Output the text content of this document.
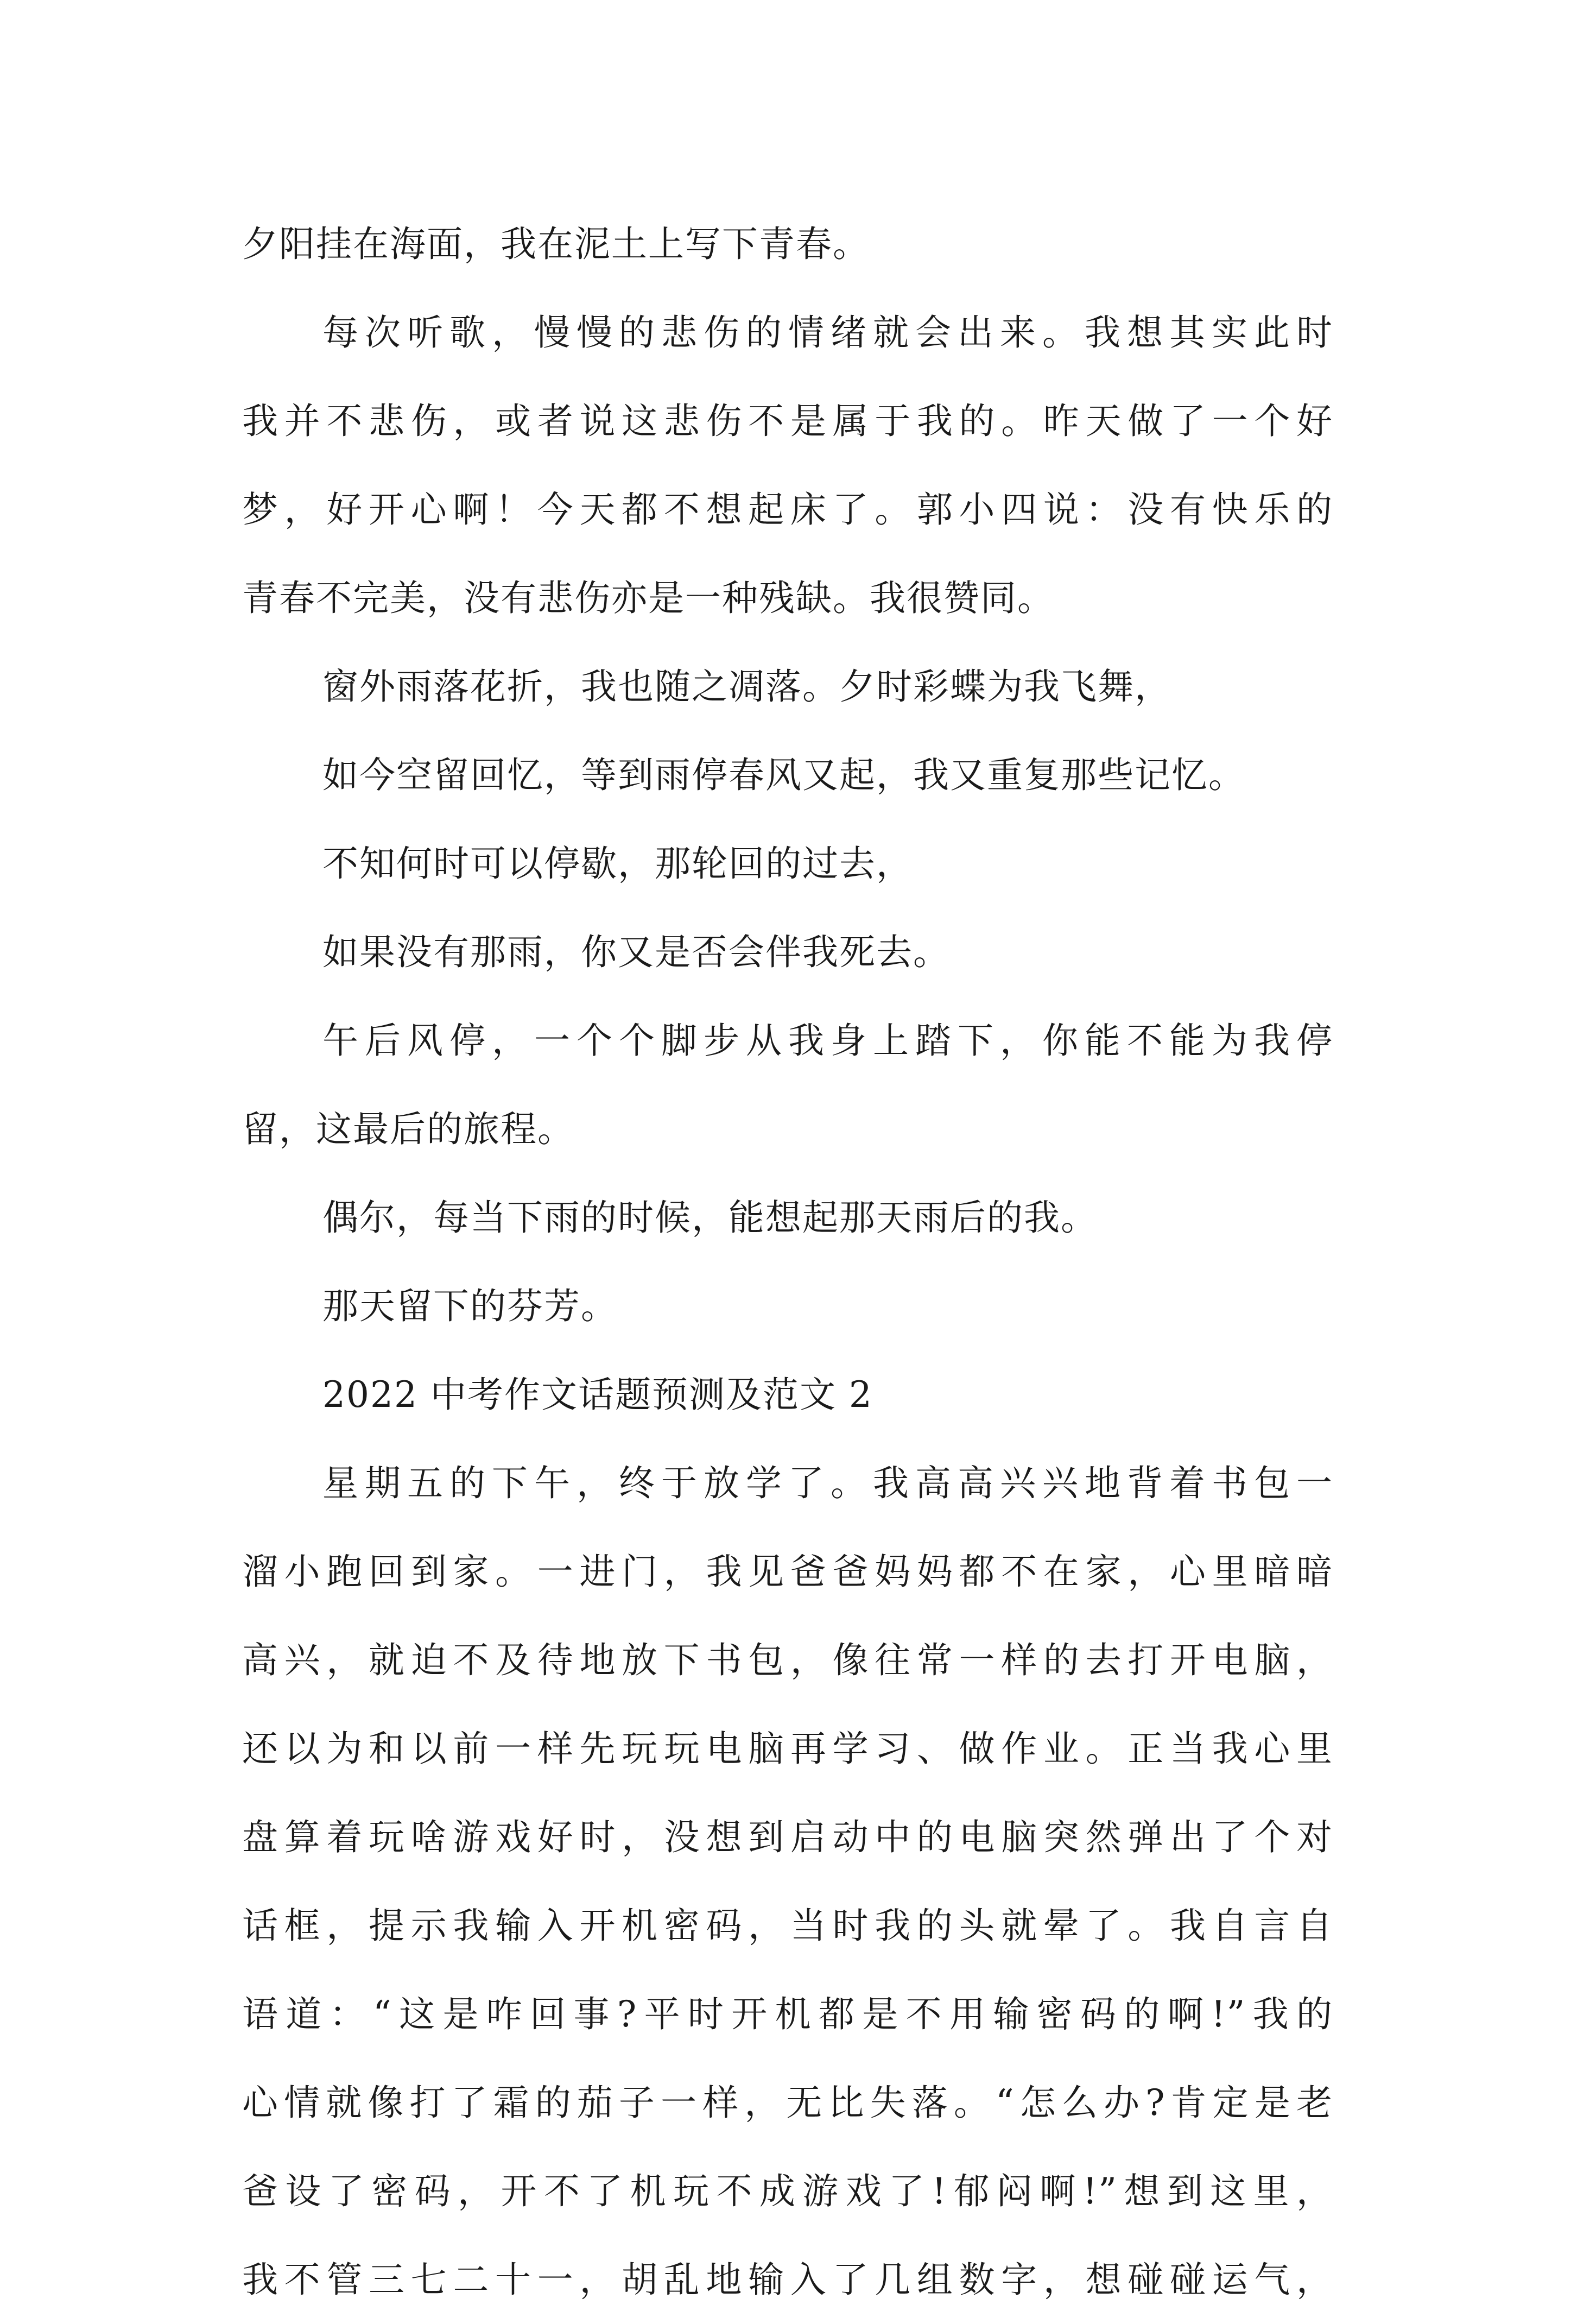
夕阳挂在海面，我在泥土上写下青春。
每次听歌，慢慢的悲伤的情绪就会出来。我想其实此时
我并不悲伤，或者说这悲伤不是属于我的。昨天做了一个好
梦，好开心啊！今天都不想起床了。郭小四说：没有快乐的
青春不完美，没有悲伤亦是一种残缺。我很赞同。
窗外雨落花折，我也随之凋落。夕时彩蝶为我飞舞，
如今空留回忆，等到雨停春风又起，我又重复那些记忆。
不知何时可以停歇，那轮回的过去，
如果没有那雨，你又是否会伴我死去。
午后风停，一个个脚步从我身上踏下，你能不能为我停
留，这最后的旅程。
偶尔，每当下雨的时候，能想起那天雨后的我。
那天留下的芬芳。
2022 中考作文话题预测及范文 2
星期五的下午，终于放学了。我高高兴兴地背着书包一
溜小跑回到家。一进门，我见爸爸妈妈都不在家，心里暗暗
高兴，就迫不及待地放下书包，像往常一样的去打开电脑，
还以为和以前一样先玩玩电脑再学习、做作业。正当我心里
盘算着玩啥游戏好时，没想到启动中的电脑突然弹出了个对
话框，提示我输入开机密码，当时我的头就晕了。我自言自
语道：“这是咋回事?平时开机都是不用输密码的啊!”我的
心情就像打了霜的茄子一样，无比失落。“怎么办?肯定是老
爸设了密码，开不了机玩不成游戏了!郁闷啊!”想到这里，
我不管三七二十一，胡乱地输入了几组数字，想碰碰运气，
